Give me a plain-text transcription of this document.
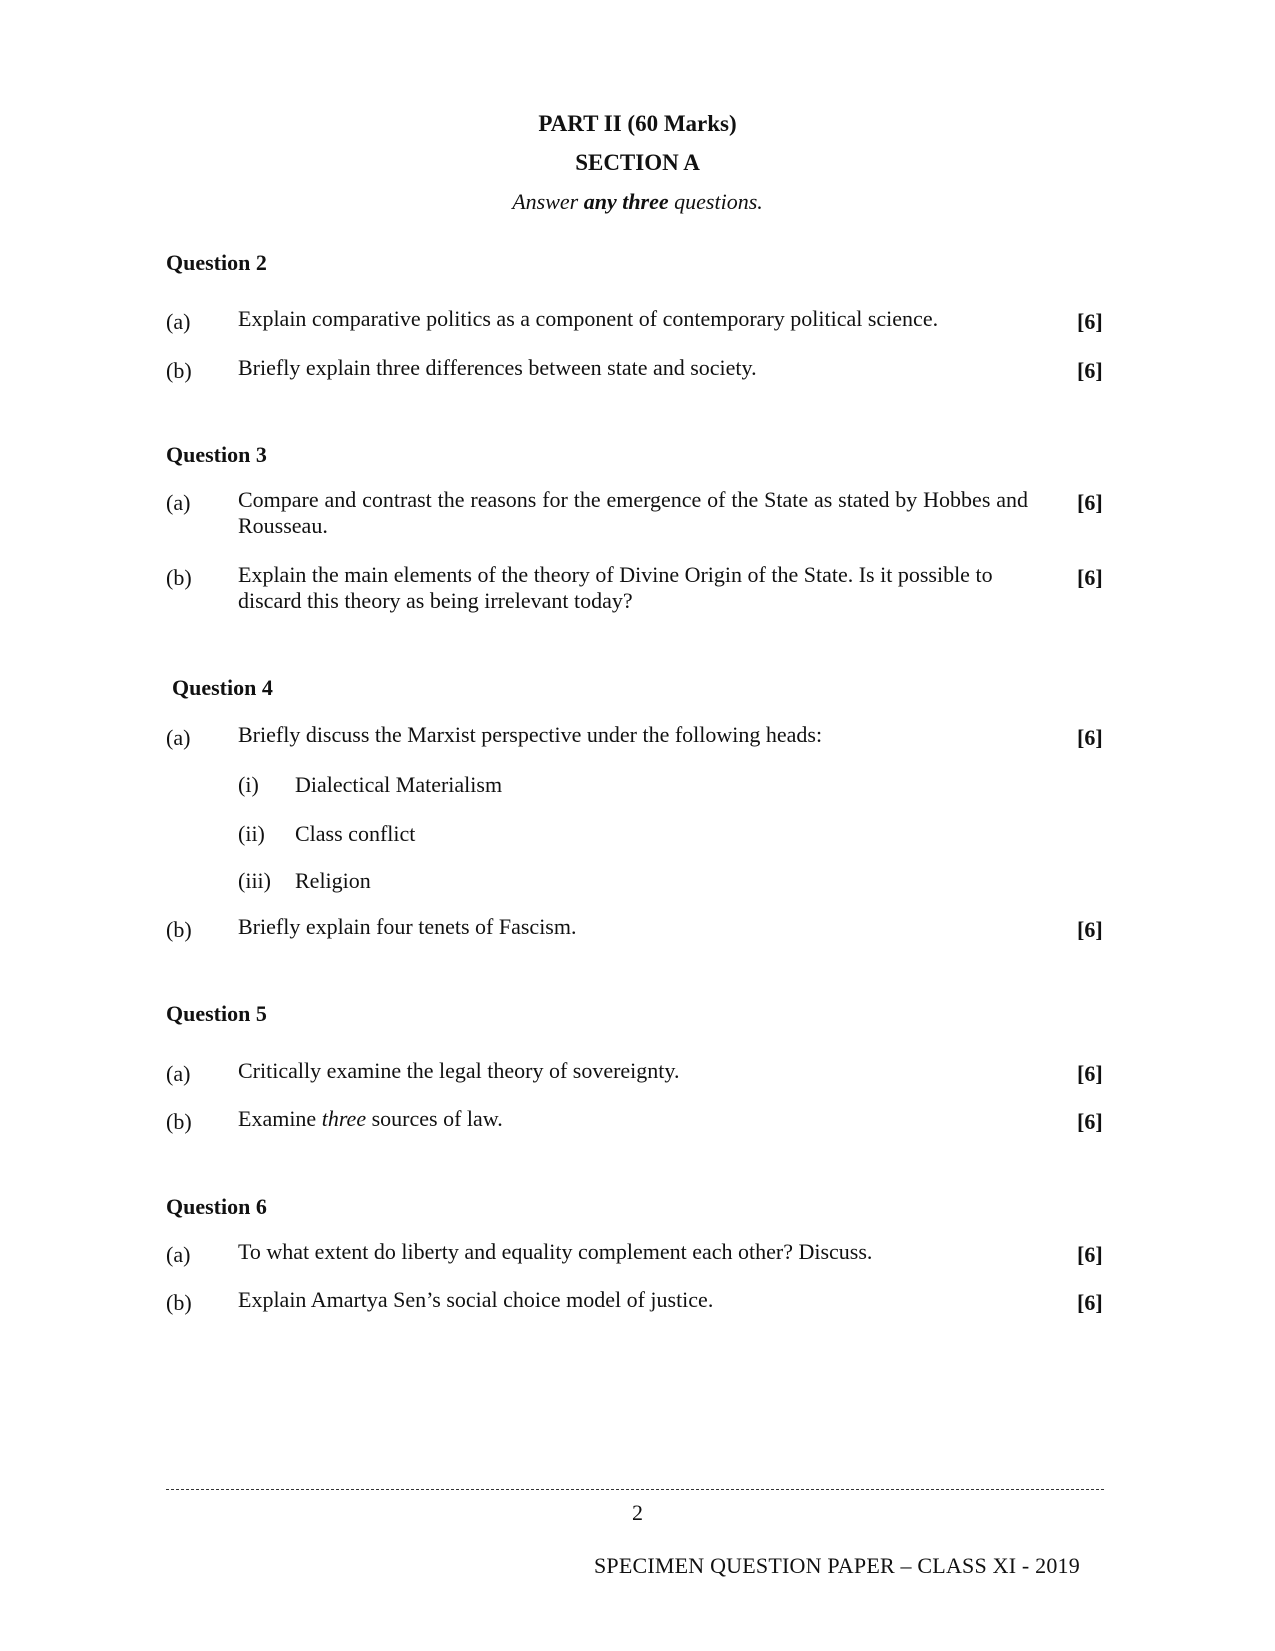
PART II (60 Marks)
SECTION A
Answer any three questions.
Question 2
(a) Explain comparative politics as a component of contemporary political science.	[6]
(b) Briefly explain three differences between state and society.	[6]
Question 3
(a) Compare and contrast the reasons for the emergence of the State as stated by Hobbes and Rousseau.
[6]
(b) Explain the main elements of the theory of Divine Origin of the State. Is it possible to discard this theory as being irrelevant today?
[6]
Question 4
(a) Briefly discuss the Marxist perspective under the following heads:	[6]
(i) Dialectical Materialism
(ii) Class conflict
(iii) Religion
(b) Briefly explain four tenets of Fascism.	[6]
Question 5
(a) Critically examine the legal theory of sovereignty.	[6]
(b) Examine three sources of law.	[6]
Question 6
(a) To what extent do liberty and equality complement each other? Discuss.	[6]
(b) Explain Amartya Sen’s social choice model of justice.	[6]
2
SPECIMEN QUESTION PAPER – CLASS XI - 2019
